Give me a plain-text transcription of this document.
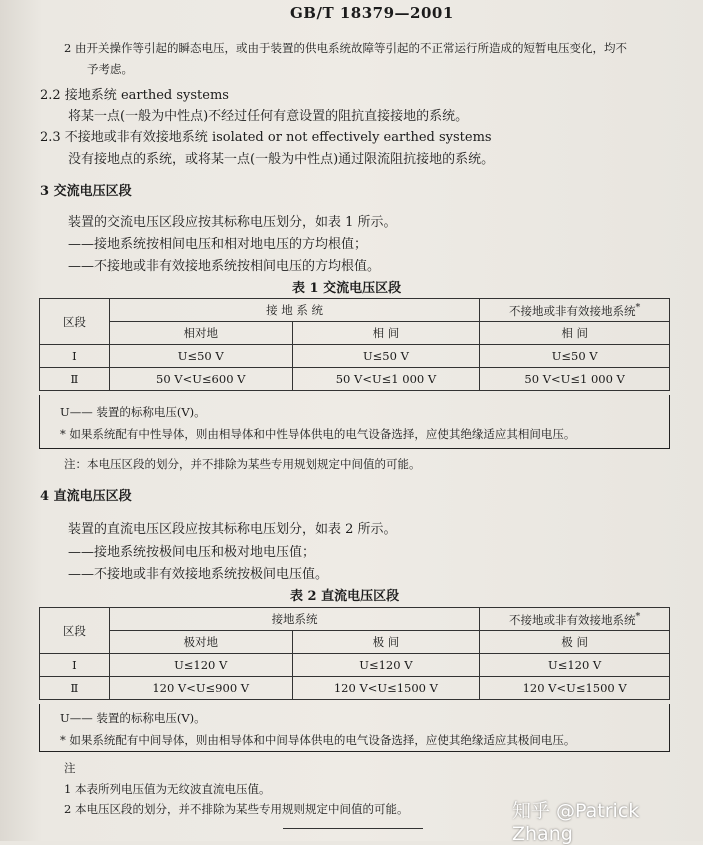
GB/T 18379—2001
2 由开关操作等引起的瞬态电压，或由于装置的供电系统故障等引起的不正常运行所造成的短暂电压变化，均不
予考虑。
2.2 接地系统 earthed systems
将某一点(一般为中性点)不经过任何有意设置的阻抗直接接地的系统。
2.3 不接地或非有效接地系统 isolated or not effectively earthed systems
没有接地点的系统，或将某一点(一般为中性点)通过限流阻抗接地的系统。
3 交流电压区段
装置的交流电压区段应按其标称电压划分，如表 1 所示。
——接地系统按相间电压和相对地电压的方均根值；
——不接地或非有效接地系统按相间电压的方均根值。
表 1 交流电压区段
区段	接 地 系 统		不接地或非有效接地系统*
	相对地	相 间	相 间
Ⅰ	U≤50 V	U≤50 V	U≤50 V
Ⅱ	50 V<U≤600 V	50 V<U≤1 000 V	50 V<U≤1 000 V
U—— 装置的标称电压(V)。
* 如果系统配有中性导体，则由相导体和中性导体供电的电气设备选择，应使其绝缘适应其相间电压。
注：本电压区段的划分，并不排除为某些专用规划规定中间值的可能。
4 直流电压区段
装置的直流电压区段应按其标称电压划分，如表 2 所示。
——接地系统按极间电压和极对地电压值；
——不接地或非有效接地系统按极间电压值。
表 2 直流电压区段
区段	接地系统		不接地或非有效接地系统*
	极对地	极 间	极 间
Ⅰ	U≤120 V	U≤120 V	U≤120 V
Ⅱ	120 V<U≤900 V	120 V<U≤1500 V	120 V<U≤1500 V
U—— 装置的标称电压(V)。
* 如果系统配有中间导体，则由相导体和中间导体供电的电气设备选择，应使其绝缘适应其极间电压。
注
1 本表所列电压值为无纹波直流电压值。
2 本电压区段的划分，并不排除为某些专用规则规定中间值的可能。	知乎 @Patrick Zhang
